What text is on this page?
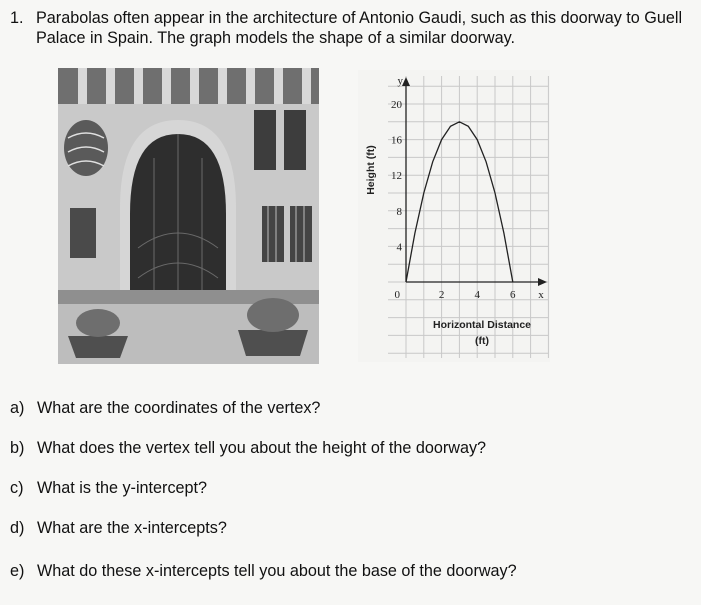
1. Parabolas often appear in the architecture of Antonio Gaudi, such as this doorway to Guell Palace in Spain. The graph models the shape of a similar doorway.
4
8
12
16
20
2	4	6
0
y
x
Height (ft)
Horizontal Distance
(ft)
a) What are the coordinates of the vertex?
b) What does the vertex tell you about the height of the doorway?
c) What is the y-intercept?
d) What are the x-intercepts?
e) What do these x-intercepts tell you about the base of the doorway?
